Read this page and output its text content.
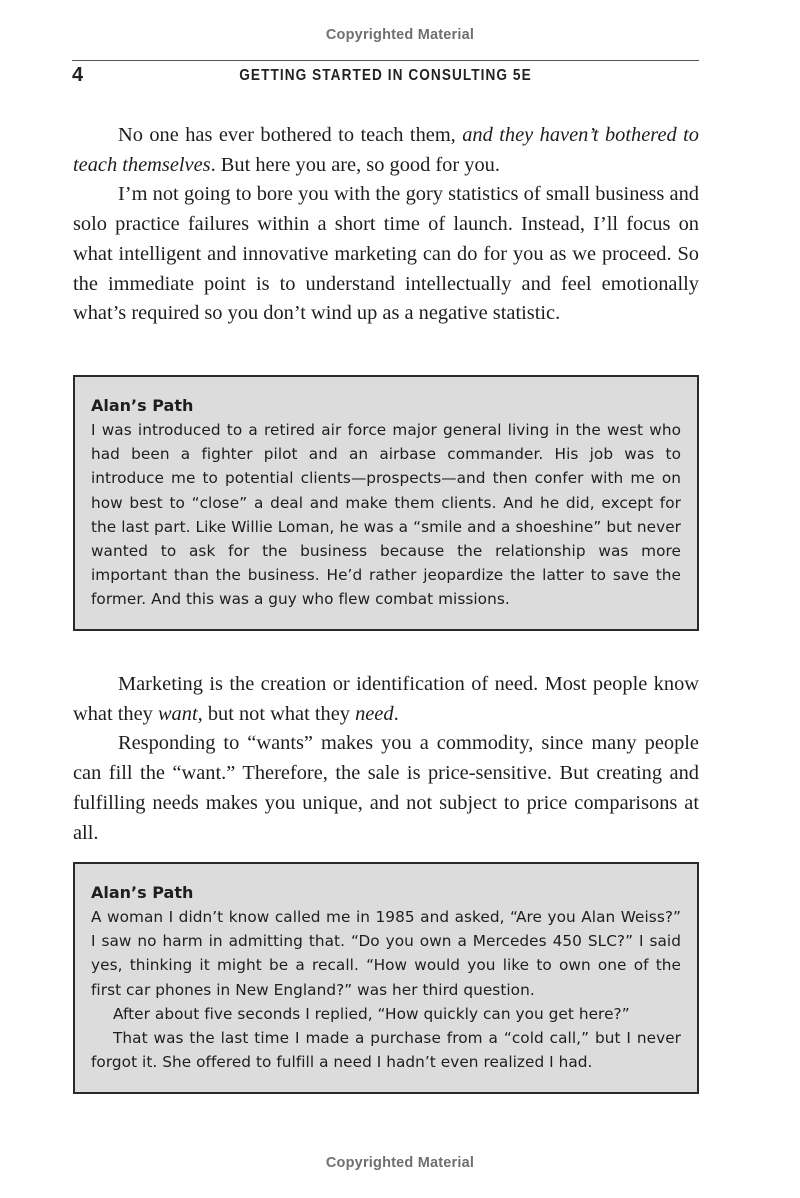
Copyrighted Material
4	GETTING STARTED IN CONSULTING 5E

No one has ever bothered to teach them, and they haven’t bothered to teach themselves. But here you are, so good for you.

I’m not going to bore you with the gory statistics of small business and solo practice failures within a short time of launch. Instead, I’ll focus on what intelligent and innovative marketing can do for you as we proceed. So the immediate point is to understand intellectually and feel emotionally what’s required so you don’t wind up as a negative statistic.

Alan’s Path

I was introduced to a retired air force major general living in the west who had been a fighter pilot and an airbase commander. His job was to introduce me to potential clients—prospects—and then confer with me on how best to “close” a deal and make them clients. And he did, except for the last part. Like Willie Loman, he was a “smile and a shoeshine” but never wanted to ask for the business because the relationship was more important than the business. He’d rather jeopardize the latter to save the former. And this was a guy who flew combat missions.

Marketing is the creation or identification of need. Most people know what they want, but not what they need.

Responding to “wants” makes you a commodity, since many people can fill the “want.” Therefore, the sale is price-sensitive. But creating and fulfilling needs makes you unique, and not subject to price comparisons at all.

Alan’s Path

A woman I didn’t know called me in 1985 and asked, “Are you Alan Weiss?” I saw no harm in admitting that. “Do you own a Mercedes 450 SLC?” I said yes, thinking it might be a recall. “How would you like to own one of the first car phones in New England?” was her third question.

After about five seconds I replied, “How quickly can you get here?”

That was the last time I made a purchase from a “cold call,” but I never forgot it. She offered to fulfill a need I hadn’t even realized I had.

Copyrighted Material
